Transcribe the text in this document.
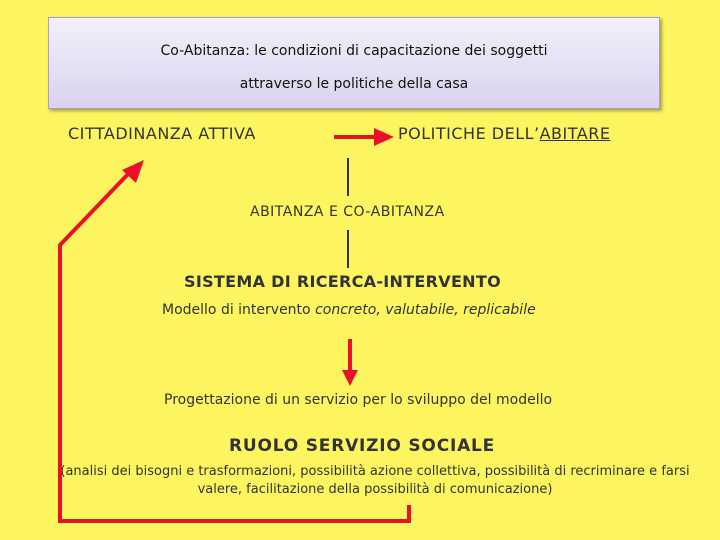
Co-Abitanza: le condizioni di capacitazione dei soggetti
attraverso le politiche della casa
CITTADINANZA ATTIVA	POLITICHE DELL’ABITARE
ABITANZA E CO-ABITANZA
SISTEMA DI RICERCA-INTERVENTO
Modello di intervento concreto, valutabile, replicabile
Progettazione di un servizio per lo sviluppo del modello
RUOLO SERVIZIO SOCIALE
(analisi dei bisogni e trasformazioni, possibilità azione collettiva, possibilità di recriminare e farsi valere, facilitazione della possibilità di comunicazione)
